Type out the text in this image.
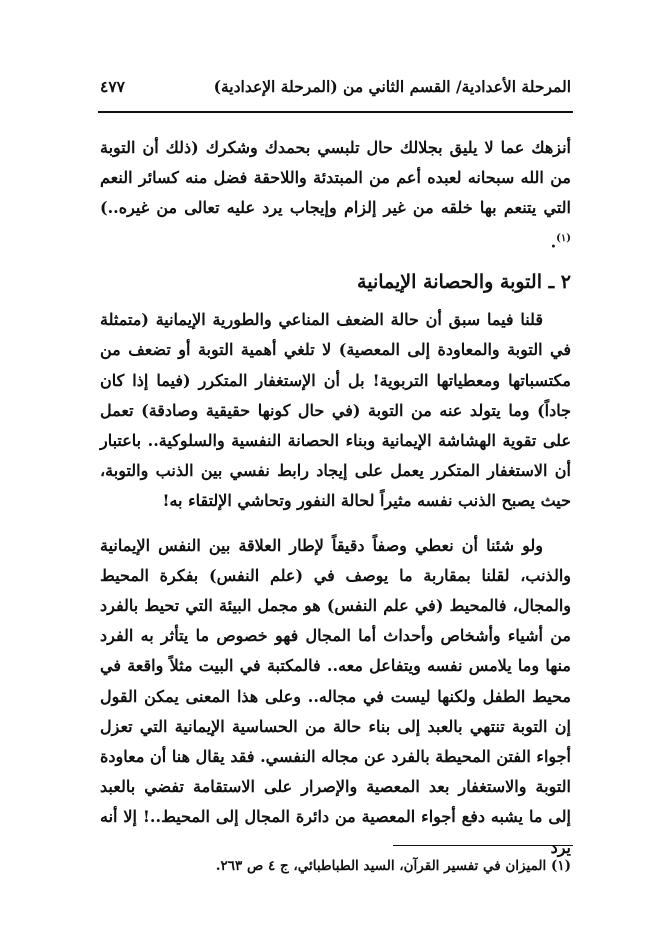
المرحلة الأعدادية/ القسم الثاني من (المرحلة الإعدادية)
٤٧٧

أنزهك عما لا يليق بجلالك حال تلبسي بحمدك وشكرك (ذلك أن التوبة من الله سبحانه لعبده أعم من المبتدئة واللاحقة فضل منه كسائر النعم التي يتنعم بها خلقه من غير إلزام وإيجاب يرد عليه تعالى من غيره..)$^{(١)}$.

٢ ـ التوبة والحصانة الإيمانية

قلنا فيما سبق أن حالة الضعف المناعي والطورية الإيمانية (متمثلة في التوبة والمعاودة إلى المعصية) لا تلغي أهمية التوبة أو تضعف من مكتسباتها ومعطياتها التربوية! بل أن الإستغفار المتكرر (فيما إذا كان جاداً) وما يتولد عنه من التوبة (في حال كونها حقيقية وصادقة) تعمل على تقوية الهشاشة الإيمانية وبناء الحصانة النفسية والسلوكية.. باعتبار أن الاستغفار المتكرر يعمل على إيجاد رابط نفسي بين الذنب والتوبة، حيث يصبح الذنب نفسه مثيراً لحالة النفور وتحاشي الإلتقاء به!

ولو شئنا أن نعطي وصفاً دقيقاً لإطار العلاقة بين النفس الإيمانية والذنب، لقلنا بمقاربة ما يوصف في (علم النفس) بفكرة المحيط والمجال، فالمحيط (في علم النفس) هو مجمل البيئة التي تحيط بالفرد من أشياء وأشخاص وأحداث أما المجال فهو خصوص ما يتأثر به الفرد منها وما يلامس نفسه ويتفاعل معه.. فالمكتبة في البيت مثلاً واقعة في محيط الطفل ولكنها ليست في مجاله.. وعلى هذا المعنى يمكن القول إن التوبة تنتهي بالعبد إلى بناء حالة من الحساسية الإيمانية التي تعزل أجواء الفتن المحيطة بالفرد عن مجاله النفسي. فقد يقال هنا أن معاودة التوبة والاستغفار بعد المعصية والإصرار على الاستقامة تفضي بالعبد إلى ما يشبه دفع أجواء المعصية من دائرة المجال إلى المحيط..! إلا أنه يرد

(١) الميزان في تفسير القرآن، السيد الطباطبائي، ج ٤ ص ٢٦٣.
